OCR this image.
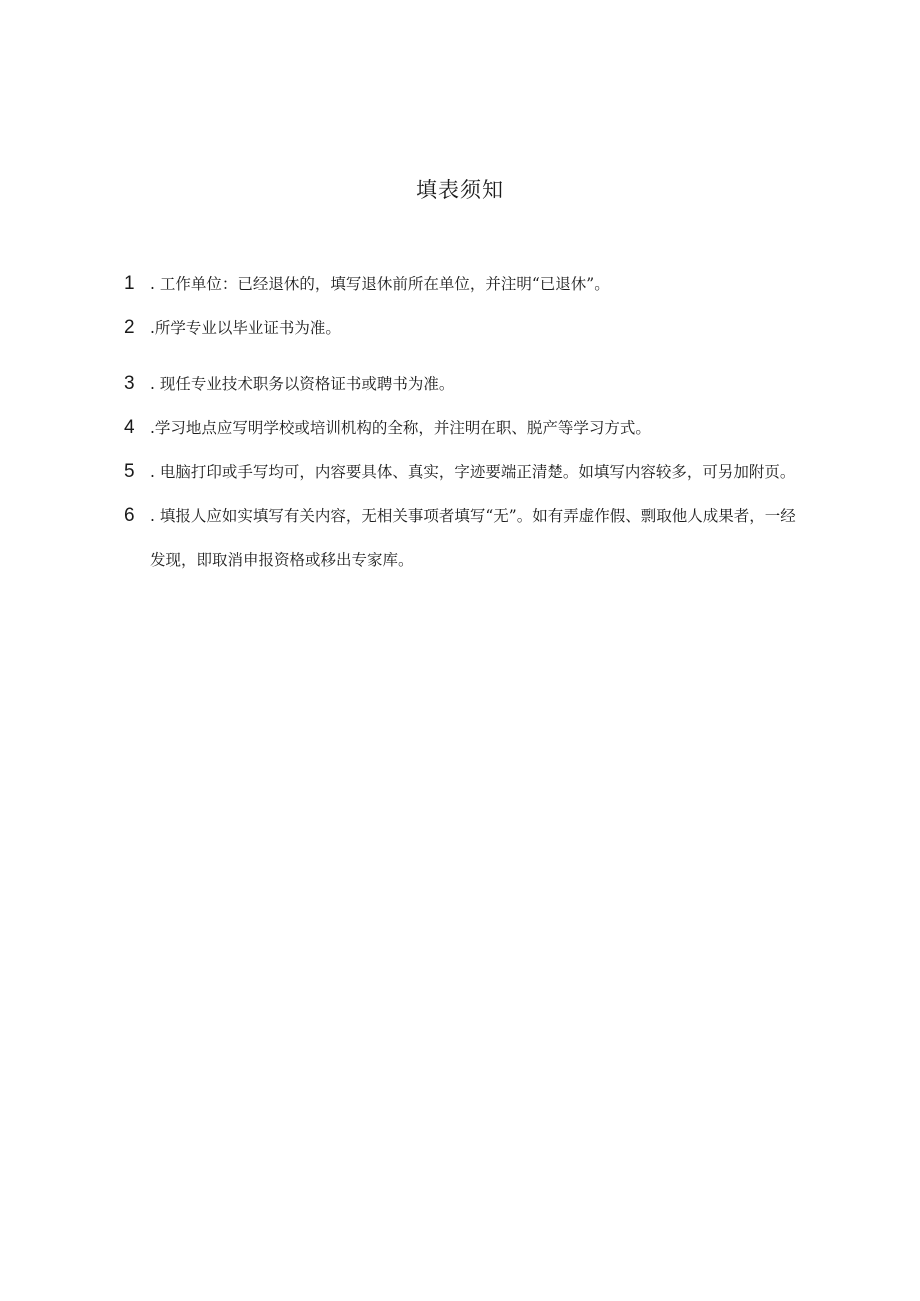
填表须知
1 . 工作单位：已经退休的，填写退休前所在单位，并注明“已退休”。
2 .所学专业以毕业证书为准。
3 . 现任专业技术职务以资格证书或聘书为准。
4 .学习地点应写明学校或培训机构的全称，并注明在职、脱产等学习方式。
5 . 电脑打印或手写均可，内容要具体、真实，字迹要端正清楚。如填写内容较多，可另加附页。
6 . 填报人应如实填写有关内容，无相关事项者填写“无”。如有弄虚作假、剽取他人成果者，一经发现，即取消申报资格或移出专家库。
